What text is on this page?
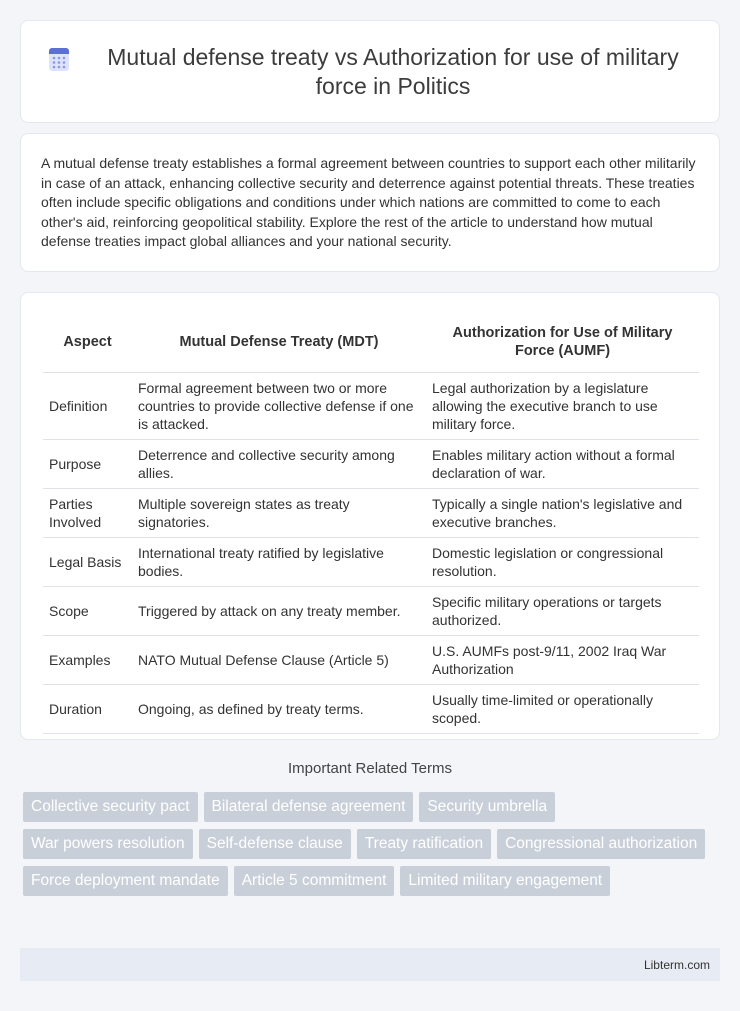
Mutual defense treaty vs Authorization for use of military force in Politics

A mutual defense treaty establishes a formal agreement between countries to support each other militarily in case of an attack, enhancing collective security and deterrence against potential threats. These treaties often include specific obligations and conditions under which nations are committed to come to each other's aid, reinforcing geopolitical stability. Explore the rest of the article to understand how mutual defense treaties impact global alliances and your national security.

Aspect	Mutual Defense Treaty (MDT)	Authorization for Use of Military Force (AUMF)
Definition	Formal agreement between two or more countries to provide collective defense if one is attacked.	Legal authorization by a legislature allowing the executive branch to use military force.
Purpose	Deterrence and collective security among allies.	Enables military action without a formal declaration of war.
Parties Involved	Multiple sovereign states as treaty signatories.	Typically a single nation's legislative and executive branches.
Legal Basis	International treaty ratified by legislative bodies.	Domestic legislation or congressional resolution.
Scope	Triggered by attack on any treaty member.	Specific military operations or targets authorized.
Examples	NATO Mutual Defense Clause (Article 5)	U.S. AUMFs post-9/11, 2002 Iraq War Authorization
Duration	Ongoing, as defined by treaty terms.	Usually time-limited or operationally scoped.
Important Related Terms
Collective security pact	Bilateral defense agreement	Security umbrella
War powers resolution	Self-defense clause	Treaty ratification	Congressional authorization
Force deployment mandate	Article 5 commitment	Limited military engagement
Libterm.com
